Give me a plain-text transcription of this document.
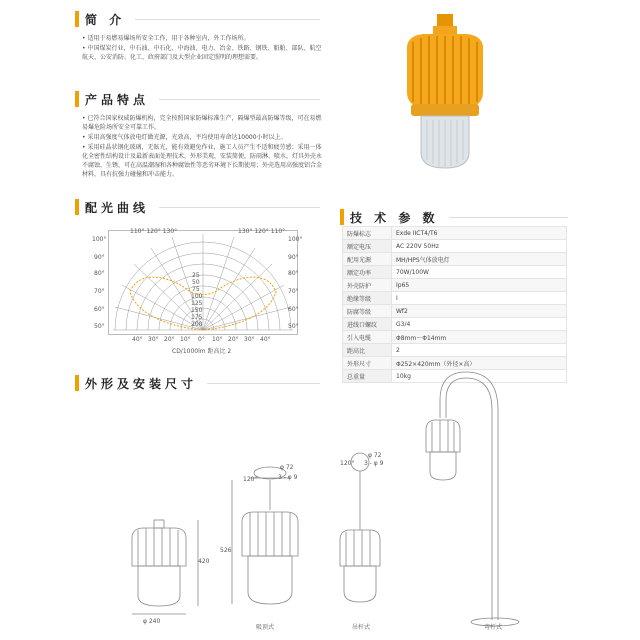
简 介

• 适用于易燃易爆场所安全工作，用于各种室内，外工作场所。

• 中国煤炭行业，中石油、中石化、中海油、电力、冶金、铁路、钢铁、船舶、部队、航空航天、公安消防、化工、政府部门及大型企业固定照明的理想需要。

产品特点

• 已符合国家权威防爆机构，完全按照国家防爆标准生产，隔爆型最高防爆等级，可在易燃易爆危险场所安全可靠工作。

• 采用高强度气体放电灯做光源，光效高，平均使用寿命达10000小时以上。

• 采用硅晶状钢化玻璃，无眩光，能有效避免作业，施工人员产生不适和疲劳感；采用一体化全密性结构设计及最新表面处理技术，外形美观，安装简便，防雨淋、喷水，灯具外壳永不腐蚀、生锈，可在高温潮湿和各种腐蚀性等恶劣环境下长期使用；外壳选用高强度铝合金材料，具有抗强力碰撞和冲击能力。

配光曲线
110° 120° 130°	130° 120° 110°
100°
90°
80°
70°
60°
50°
100°
90°
80°
70°
60°
50°
25
50
75
100
125
150
175
200
40° 30° 20° 10° 0° 10° 20° 30° 40°
CD/1000lm 距高比 2
技 术 参 数
防爆标志	Exde IICT4/T6
额定电压	AC 220V 50Hz
配用光源	MH/HPS气体放电灯
额定功率	70W/100W
外壳防护	Ip65
绝缘等级	I
防腐等级	Wf2
进线口螺纹	G3/4
引入电缆	Φ8mm～Φ14mm
距高比	2
外形尺寸	Φ252×420mm（外径×高）
总重量	10kg
外形及安装尺寸
420
φ 240
526
φ 72
120°	3 - φ 9
φ 72
120° 3 - φ 9
吸顶式	吊杆式	弯杆式
